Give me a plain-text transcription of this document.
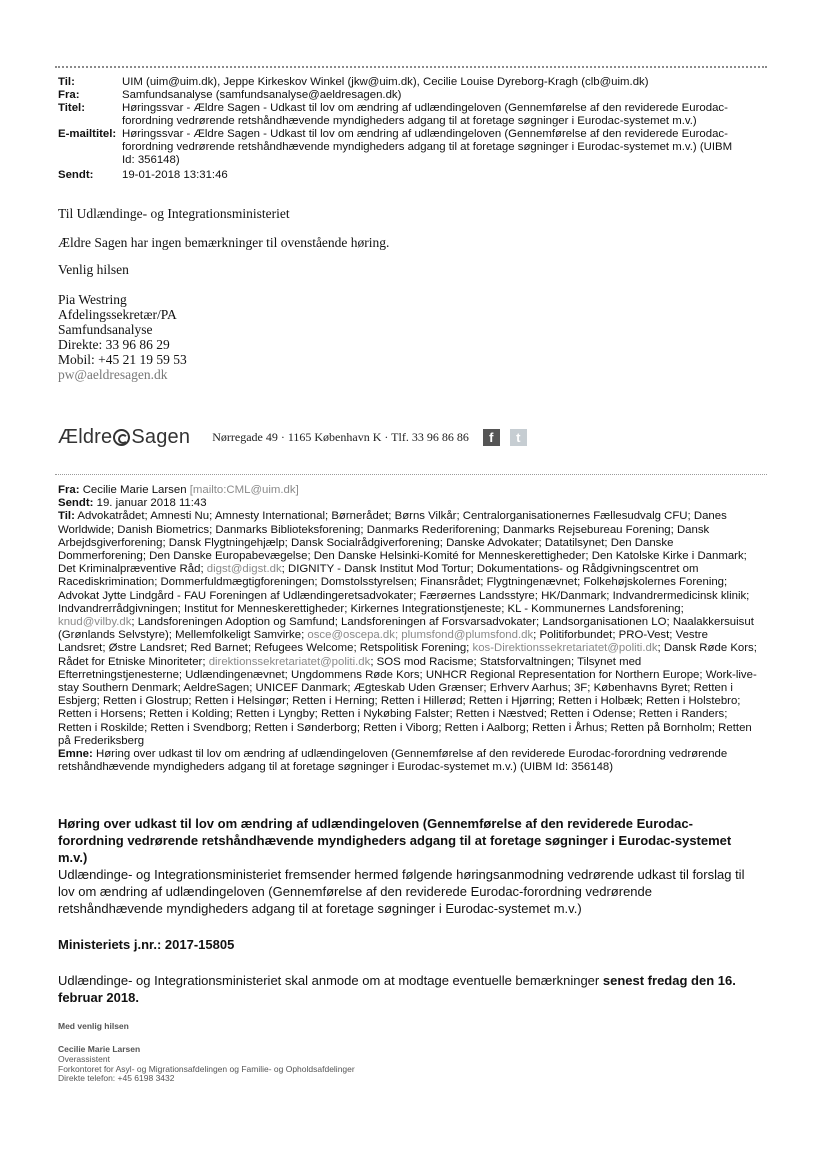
Til:	UIM (uim@uim.dk), Jeppe Kirkeskov Winkel (jkw@uim.dk), Cecilie Louise Dyreborg-Kragh (clb@uim.dk)
Fra:	Samfundsanalyse (samfundsanalyse@aeldresagen.dk)
Titel:	Høringssvar - Ældre Sagen - Udkast til lov om ændring af udlændingeloven (Gennemførelse af den reviderede Eurodac-
forordning vedrørende retshåndhævende myndigheders adgang til at foretage søgninger i Eurodac-systemet m.v.)
E-mailtitel: Høringssvar - Ældre Sagen - Udkast til lov om ændring af udlændingeloven (Gennemførelse af den reviderede Eurodac-
forordning vedrørende retshåndhævende myndigheders adgang til at foretage søgninger i Eurodac-systemet m.v.) (UIBM
Id: 356148)
Sendt:	19-01-2018 13:31:46
Til Udlændinge- og Integrationsministeriet
Ældre Sagen har ingen bemærkninger til ovenstående høring.
Venlig hilsen
Pia Westring
Afdelingssekretær/PA
Samfundsanalyse
Direkte: 33 96 86 29
Mobil: +45 21 19 59 53
pw@aeldresagen.dk
Ældre Sagen Nørregade 49 · 1165 København K · Tlf. 33 96 86 86	f	t
Fra: Cecilie Marie Larsen [mailto:CML@uim.dk]
Sendt: 19. januar 2018 11:43
Til: Advokatrådet; Amnesti Nu; Amnesty International; Børnerådet; Børns Vilkår; Centralorganisationernes Fællesudvalg CFU; Danes Worldwide; Danish Biometrics; Danmarks Biblioteksforening; Danmarks Rederiforening; Danmarks Rejsebureau Forening; Dansk Arbejdsgiverforening; Dansk Flygtningehjælp; Dansk Socialrådgiverforening; Danske Advokater; Datatilsynet; Den Danske Dommerforening; Den Danske Europabevægelse; Den Danske Helsinki-Komité for Menneskerettigheder; Den Katolske Kirke i Danmark; Det Kriminalpræventive Råd; digst@digst.dk; DIGNITY - Dansk Institut Mod Tortur; Dokumentations- og Rådgivningscentret om Racediskrimination; Dommerfuldmægtigforeningen; Domstolsstyrelsen; Finansrådet; Flygtningenævnet; Folkehøjskolernes Forening; Advokat Jytte Lindgård - FAU Foreningen af Udlændingeretsadvokater; Færøernes Landsstyre; HK/Danmark; Indvandrermedicinsk klinik; Indvandrerrådgivningen; Institut for Menneskerettigheder; Kirkernes Integrationstjeneste; KL - Kommunernes Landsforening; knud@vilby.dk; Landsforeningen Adoption og Samfund; Landsforeningen af Forsvarsadvokater; Landsorganisationen LO; Naalakkersuisut (Grønlands Selvstyre); Mellemfolkeligt Samvirke; osce@oscepa.dk; plumsfond@plumsfond.dk; Politiforbundet; PRO-Vest; Vestre Landsret; Østre Landsret; Red Barnet; Refugees Welcome; Retspolitisk Forening; kos-Direktionssekretariatet@politi.dk; Dansk Røde Kors; Rådet for Etniske Minoriteter; direktionssekretariatet@politi.dk; SOS mod Racisme; Statsforvaltningen; Tilsynet med Efterretningstjenesterne; Udlændingenævnet; Ungdommens Røde Kors; UNHCR Regional Representation for Northern Europe; Work-live-stay Southern Denmark; AeldreSagen; UNICEF Danmark; Ægteskab Uden Grænser; Erhverv Aarhus; 3F; Københavns Byret; Retten i Esbjerg; Retten i Glostrup; Retten i Helsingør; Retten i Herning; Retten i Hillerød; Retten i Hjørring; Retten i Holbæk; Retten i Holstebro; Retten i Horsens; Retten i Kolding; Retten i Lyngby; Retten i Nykøbing Falster; Retten i Næstved; Retten i Odense; Retten i Randers; Retten i Roskilde; Retten i Svendborg; Retten i Sønderborg; Retten i Viborg; Retten i Aalborg; Retten i Århus; Retten på Bornholm; Retten på Frederiksberg
Emne: Høring over udkast til lov om ændring af udlændingeloven (Gennemførelse af den reviderede Eurodac-forordning vedrørende retshåndhævende myndigheders adgang til at foretage søgninger i Eurodac-systemet m.v.) (UIBM Id: 356148)
Høring over udkast til lov om ændring af udlændingeloven (Gennemførelse af den reviderede Eurodac-forordning vedrørende retshåndhævende myndigheders adgang til at foretage søgninger i Eurodac-systemet m.v.)
Udlændinge- og Integrationsministeriet fremsender hermed følgende høringsanmodning vedrørende udkast til forslag til lov om ændring af udlændingeloven (Gennemførelse af den reviderede Eurodac-forordning vedrørende retshåndhævende myndigheders adgang til at foretage søgninger i Eurodac-systemet m.v.)
Ministeriets j.nr.: 2017-15805
Udlændinge- og Integrationsministeriet skal anmode om at modtage eventuelle bemærkninger senest fredag den 16. februar 2018.
Med venlig hilsen
Cecilie Marie Larsen
Overassistent
Forkontoret for Asyl- og Migrationsafdelingen og Familie- og Opholdsafdelinger
Direkte telefon: +45 6198 3432
